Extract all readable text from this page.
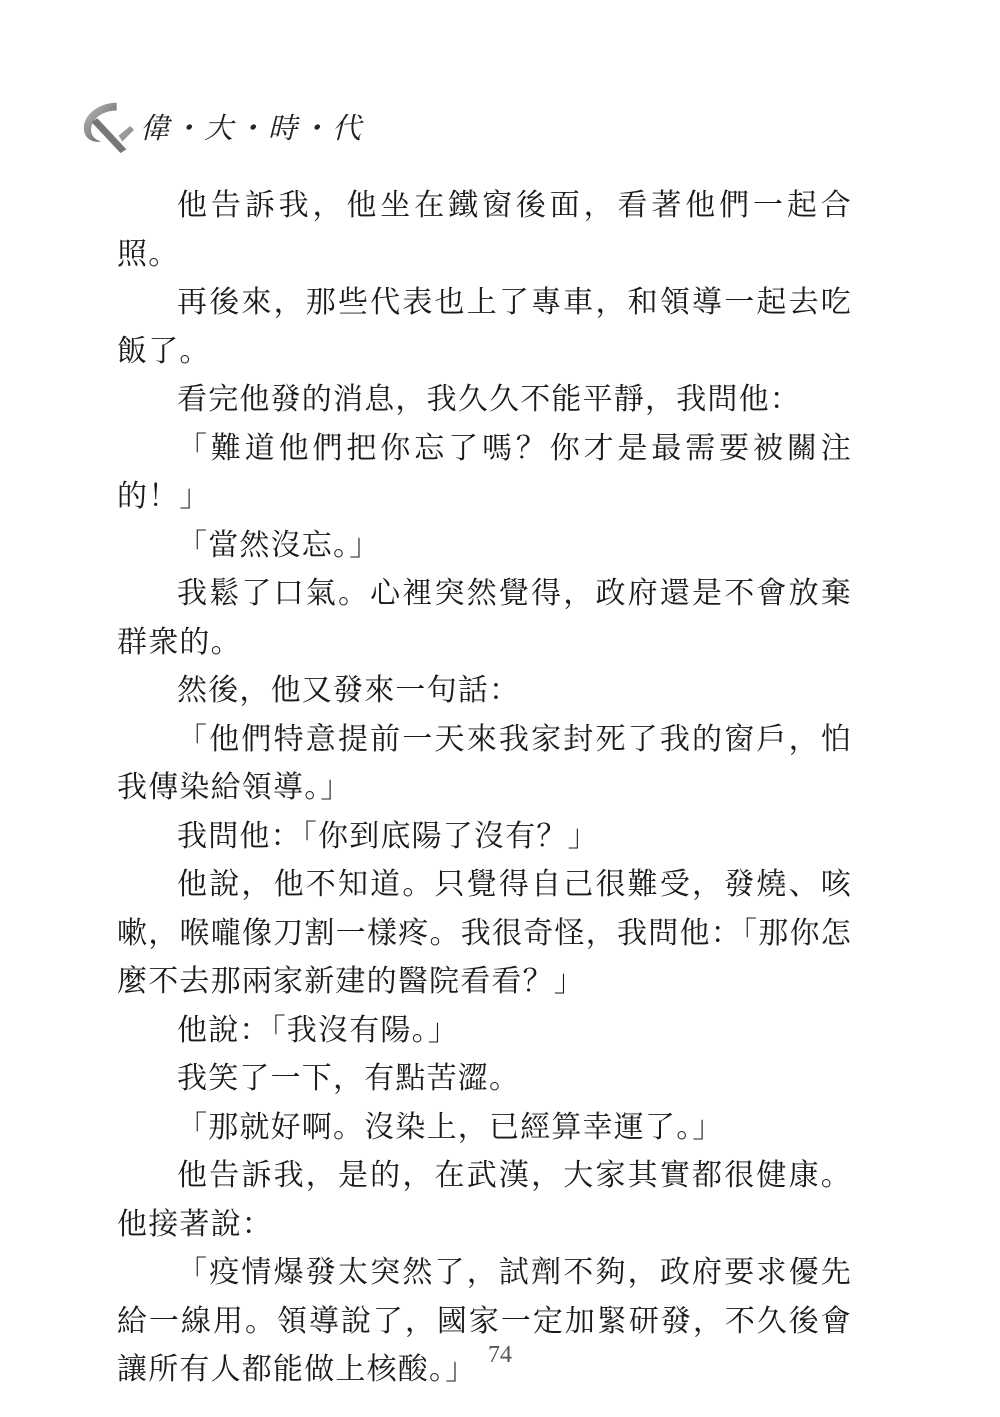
偉・大・時・代

他告訴我，他坐在鐵窗後面，看著他們一起合照。

再後來，那些代表也上了專車，和領導一起去吃飯了。

看完他發的消息，我久久不能平靜，我問他：

「難道他們把你忘了嗎？你才是最需要被關注的！」

「當然沒忘。」

我鬆了口氣。心裡突然覺得，政府還是不會放棄群衆的。

然後，他又發來一句話：

「他們特意提前一天來我家封死了我的窗戶，怕我傳染給領導。」

我問他：「你到底陽了沒有？」

他說，他不知道。只覺得自己很難受，發燒、咳嗽，喉嚨像刀割一樣疼。我很奇怪，我問他：「那你怎麼不去那兩家新建的醫院看看？」

他說：「我沒有陽。」

我笑了一下，有點苦澀。

「那就好啊。沒染上，已經算幸運了。」

他告訴我，是的，在武漢，大家其實都很健康。他接著說：

「疫情爆發太突然了，試劑不夠，政府要求優先給一線用。領導說了，國家一定加緊研發，不久後會讓所有人都能做上核酸。」 74
